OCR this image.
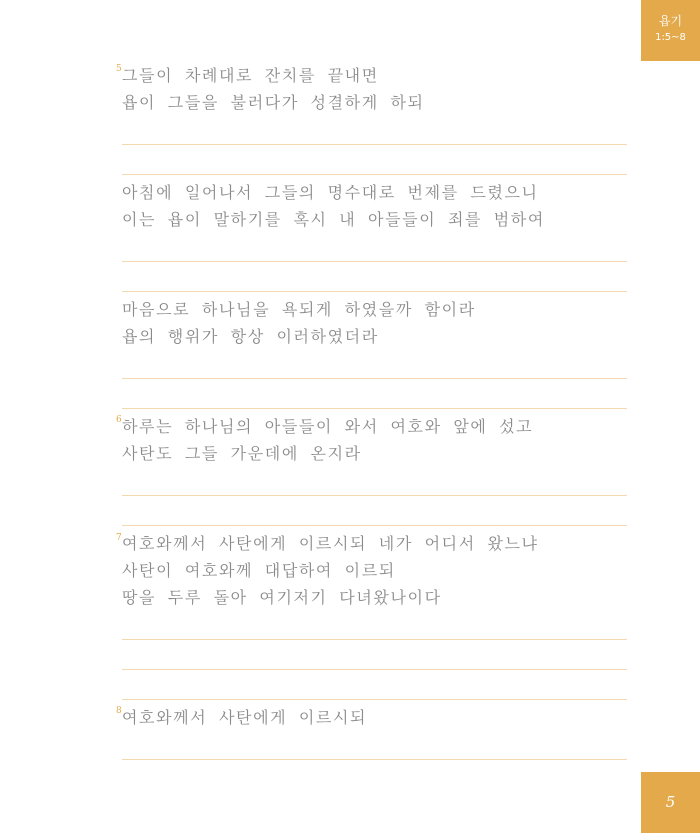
욥기
1:5~8
5 그들이 차례대로 잔치를 끝내면
욥이 그들을 불러다가 성결하게 하되
아침에 일어나서 그들의 명수대로 번제를 드렸으니
이는 욥이 말하기를 혹시 내 아들들이 죄를 범하여
마음으로 하나님을 욕되게 하였을까 함이라
욥의 행위가 항상 이러하였더라
6 하루는 하나님의 아들들이 와서 여호와 앞에 섰고
사탄도 그들 가운데에 온지라
7 여호와께서 사탄에게 이르시되 네가 어디서 왔느냐
사탄이 여호와께 대답하여 이르되
땅을 두루 돌아 여기저기 다녀왔나이다
8 여호와께서 사탄에게 이르시되
5
